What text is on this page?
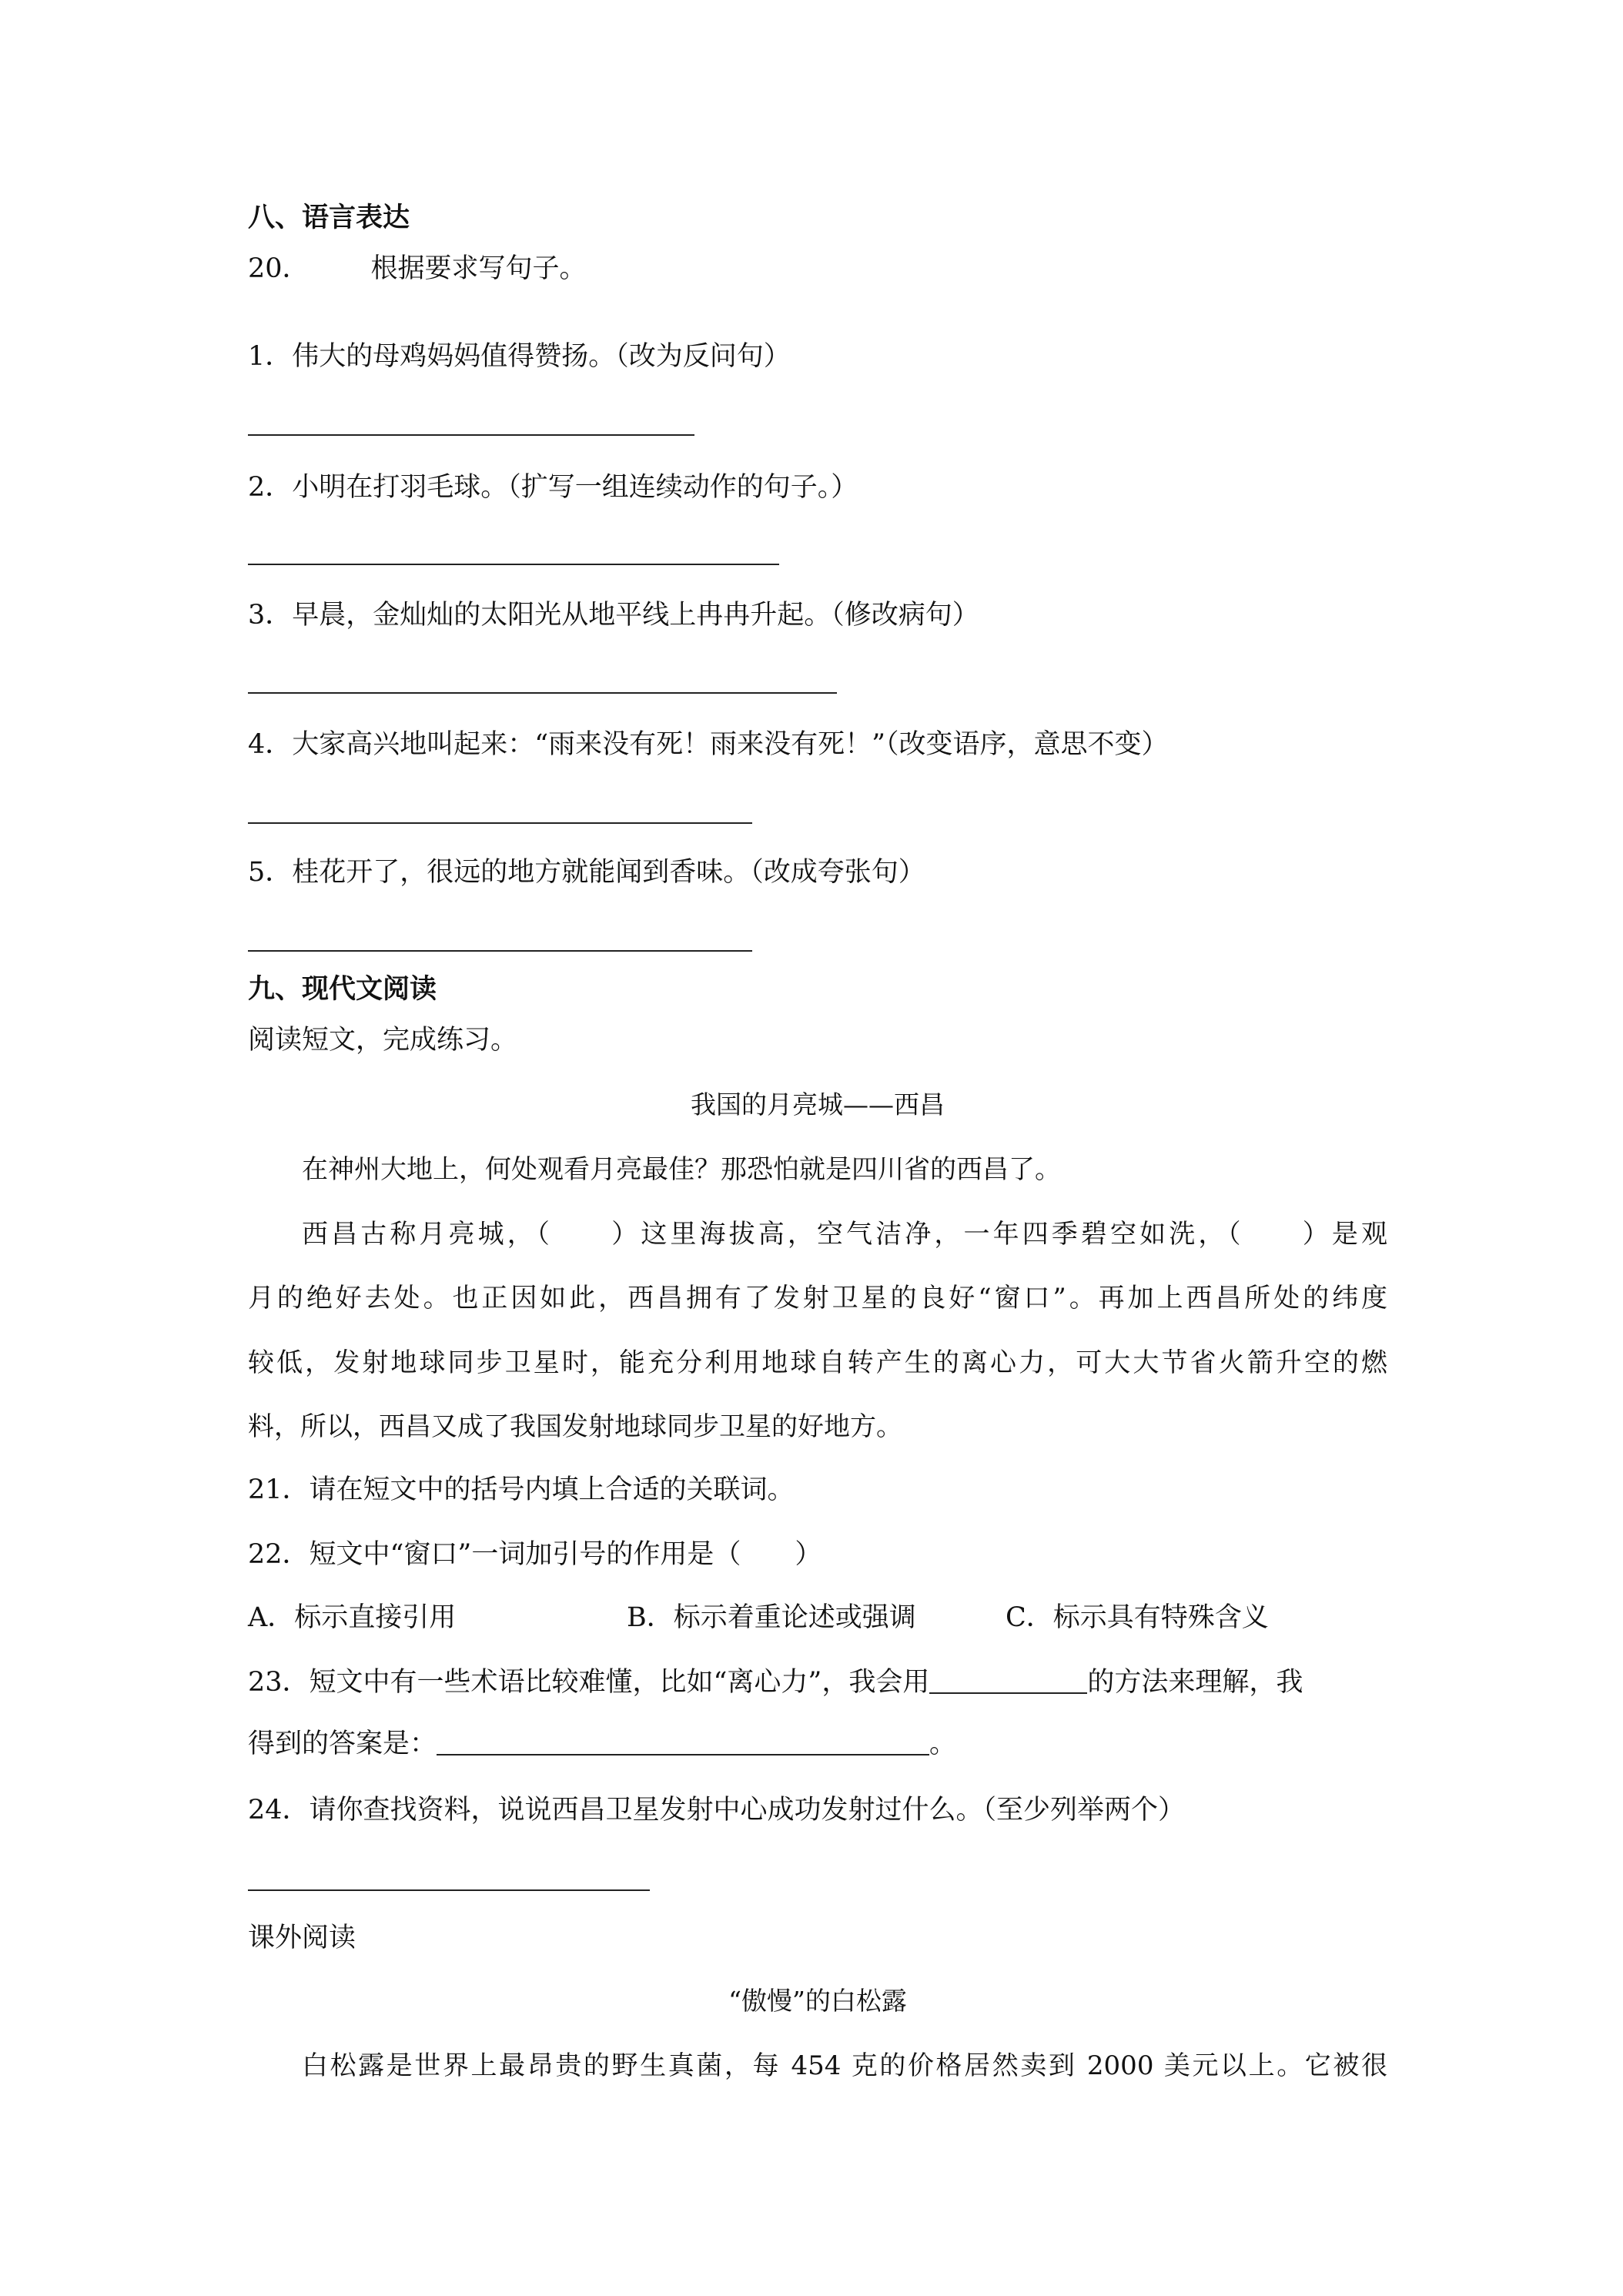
八、语言表达
20． 根据要求写句子。
1．伟大的母鸡妈妈值得赞扬。（改为反问句）
2．小明在打羽毛球。（扩写一组连续动作的句子。）
3．早晨，金灿灿的太阳光从地平线上冉冉升起。（修改病句）
4．大家高兴地叫起来：“雨来没有死！雨来没有死！”（改变语序，意思不变）
5．桂花开了，很远的地方就能闻到香味。（改成夸张句）
九、现代文阅读
阅读短文，完成练习。
我国的月亮城——西昌
在神州大地上，何处观看月亮最佳？那恐怕就是四川省的西昌了。
西昌古称月亮城，（　　）这里海拔高，空气洁净，一年四季碧空如洗，（　　）是观
月的绝好去处。也正因如此，西昌拥有了发射卫星的良好“窗口”。再加上西昌所处的纬度
较低，发射地球同步卫星时，能充分利用地球自转产生的离心力，可大大节省火箭升空的燃
料，所以，西昌又成了我国发射地球同步卫星的好地方。
21．请在短文中的括号内填上合适的关联词。
22．短文中“窗口”一词加引号的作用是（　　）
A．标示直接引用	B．标示着重论述或强调	C．标示具有特殊含义
23．短文中有一些术语比较难懂，比如“离心力”，我会用	的方法来理解，我
得到的答案是：	。
24．请你查找资料，说说西昌卫星发射中心成功发射过什么。（至少列举两个）
课外阅读
“傲慢”的白松露
白松露是世界上最昂贵的野生真菌，每 454 克的价格居然卖到 2000 美元以上。它被很
